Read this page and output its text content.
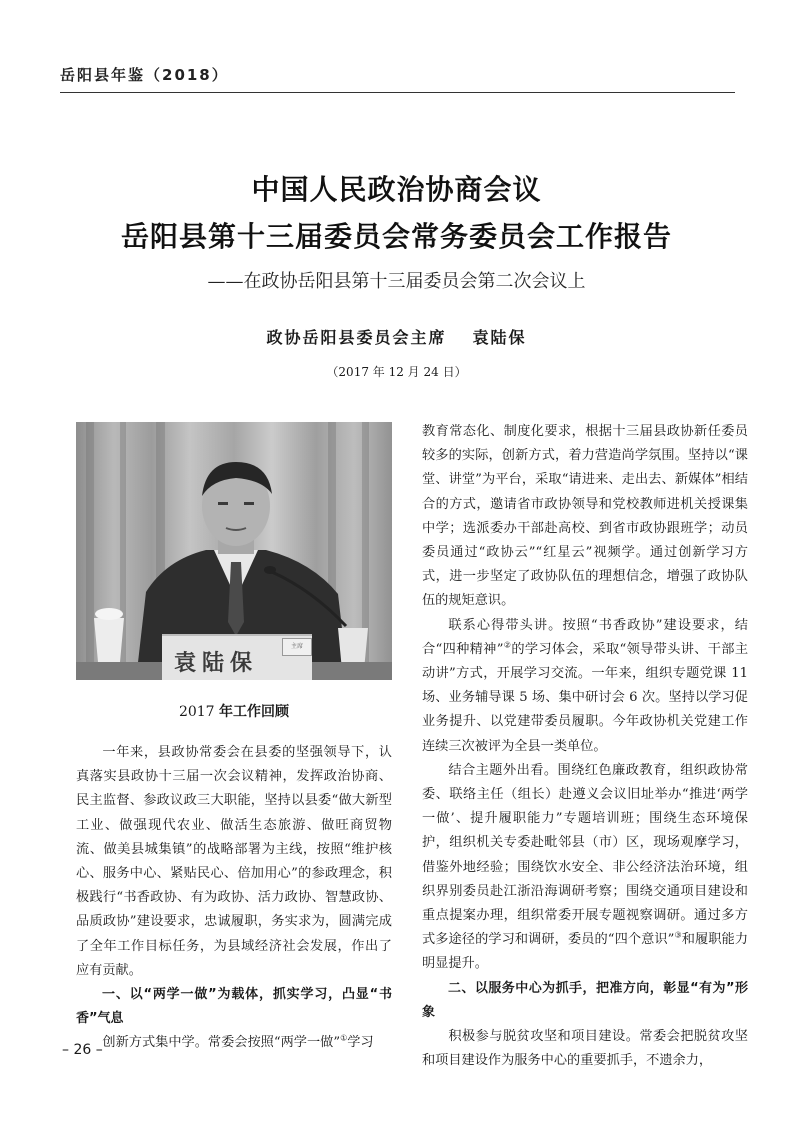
岳阳县年鉴（2018）
中国人民政治协商会议
岳阳县第十三届委员会常务委员会工作报告
——在政协岳阳县第十三届委员会第二次会议上
政协岳阳县委员会主席 袁陆保
（2017 年 12 月 24 日）
袁陆保
主席
2017 年工作回顾

一年来，县政协常委会在县委的坚强领导下，认真落实县政协十三届一次会议精神，发挥政治协商、民主监督、参政议政三大职能，坚持以县委“做大新型工业、做强现代农业、做活生态旅游、做旺商贸物流、做美县城集镇”的战略部署为主线，按照“维护核心、服务中心、紧贴民心、倍加用心”的参政理念，积极践行“书香政协、有为政协、活力政协、智慧政协、品质政协”建设要求，忠诚履职，务实求为，圆满完成了全年工作目标任务，为县域经济社会发展，作出了应有贡献。

一、以“两学一做”为载体，抓实学习，凸显“书香”气息

创新方式集中学。常委会按照“两学一做”①学习

教育常态化、制度化要求，根据十三届县政协新任委员较多的实际，创新方式，着力营造尚学氛围。坚持以“课堂、讲堂”为平台，采取“请进来、走出去、新媒体”相结合的方式，邀请省市政协领导和党校教师进机关授课集中学；选派委办干部赴高校、到省市政协跟班学；动员委员通过“政协云”“红星云”视频学。通过创新学习方式，进一步坚定了政协队伍的理想信念，增强了政协队伍的规矩意识。

联系心得带头讲。按照“书香政协”建设要求，结合“四种精神”②的学习体会，采取“领导带头讲、干部主动讲”方式，开展学习交流。一年来，组织专题党课 11 场、业务辅导课 5 场、集中研讨会 6 次。坚持以学习促业务提升、以党建带委员履职。今年政协机关党建工作连续三次被评为全县一类单位。

结合主题外出看。围绕红色廉政教育，组织政协常委、联络主任（组长）赴遵义会议旧址举办“推进‘两学一做’、提升履职能力”专题培训班；围绕生态环境保护，组织机关专委赴毗邻县（市）区，现场观摩学习，借鉴外地经验；围绕饮水安全、非公经济法治环境，组织界别委员赴江浙沿海调研考察；围绕交通项目建设和重点提案办理，组织常委开展专题视察调研。通过多方式多途径的学习和调研，委员的“四个意识”③和履职能力明显提升。

二、以服务中心为抓手，把准方向，彰显“有为”形象

积极参与脱贫攻坚和项目建设。常委会把脱贫攻坚和项目建设作为服务中心的重要抓手，不遗余力，

– 26 –
